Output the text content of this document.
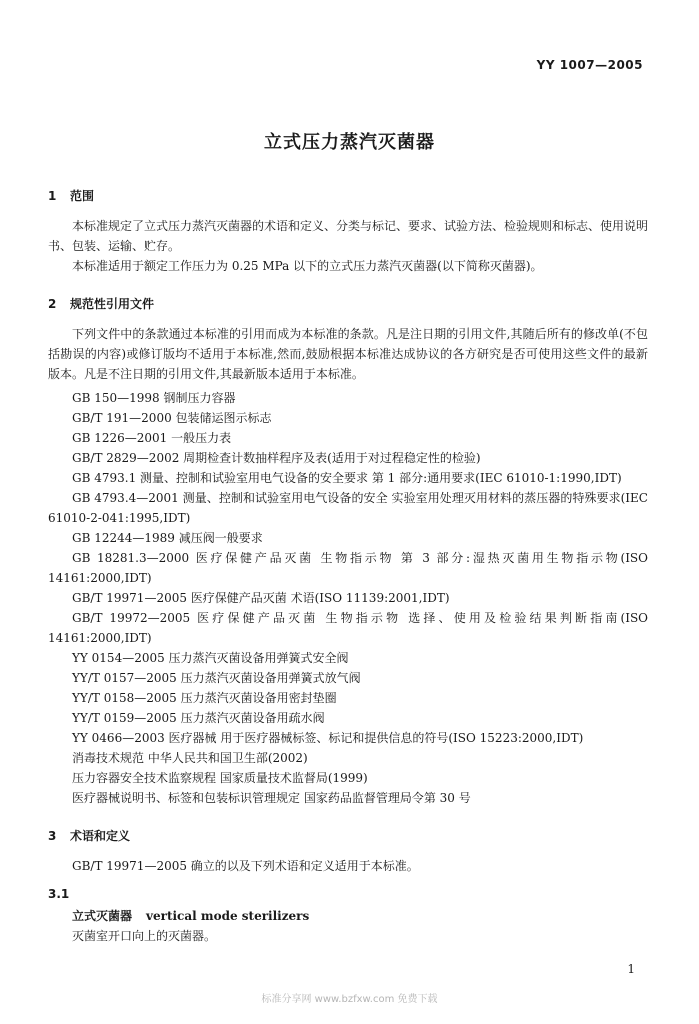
YY 1007—2005
立式压力蒸汽灭菌器
1 范围

本标准规定了立式压力蒸汽灭菌器的术语和定义、分类与标记、要求、试验方法、检验规则和标志、使用说明书、包装、运输、贮存。

本标准适用于额定工作压力为 0.25 MPa 以下的立式压力蒸汽灭菌器(以下简称灭菌器)。

2 规范性引用文件

下列文件中的条款通过本标准的引用而成为本标准的条款。凡是注日期的引用文件,其随后所有的修改单(不包括勘误的内容)或修订版均不适用于本标准,然而,鼓励根据本标准达成协议的各方研究是否可使用这些文件的最新版本。凡是不注日期的引用文件,其最新版本适用于本标准。

GB 150—1998 钢制压力容器

GB/T 191—2000 包装储运图示标志

GB 1226—2001 一般压力表

GB/T 2829—2002 周期检查计数抽样程序及表(适用于对过程稳定性的检验)

GB 4793.1 测量、控制和试验室用电气设备的安全要求 第 1 部分:通用要求(IEC 61010-1:1990,IDT)

GB 4793.4—2001 测量、控制和试验室用电气设备的安全 实验室用处理灭用材料的蒸压器的特殊要求(IEC 61010-2-041:1995,IDT)

GB 12244—1989 减压阀一般要求

GB 18281.3—2000 医疗保健产品灭菌 生物指示物 第 3 部分:湿热灭菌用生物指示物(ISO 14161:2000,IDT)

GB/T 19971—2005 医疗保健产品灭菌 术语(ISO 11139:2001,IDT)

GB/T 19972—2005 医疗保健产品灭菌 生物指示物 选择、使用及检验结果判断指南(ISO 14161:2000,IDT)

YY 0154—2005 压力蒸汽灭菌设备用弹簧式安全阀

YY/T 0157—2005 压力蒸汽灭菌设备用弹簧式放气阀

YY/T 0158—2005 压力蒸汽灭菌设备用密封垫圈

YY/T 0159—2005 压力蒸汽灭菌设备用疏水阀

YY 0466—2003 医疗器械 用于医疗器械标签、标记和提供信息的符号(ISO 15223:2000,IDT)

消毒技术规范 中华人民共和国卫生部(2002)

压力容器安全技术监察规程 国家质量技术监督局(1999)

医疗器械说明书、标签和包装标识管理规定 国家药品监督管理局令第 30 号

3 术语和定义

GB/T 19971—2005 确立的以及下列术语和定义适用于本标准。

3.1

立式灭菌器 vertical mode sterilizers

灭菌室开口向上的灭菌器。

1
标准分享网 www.bzfxw.com 免费下载
